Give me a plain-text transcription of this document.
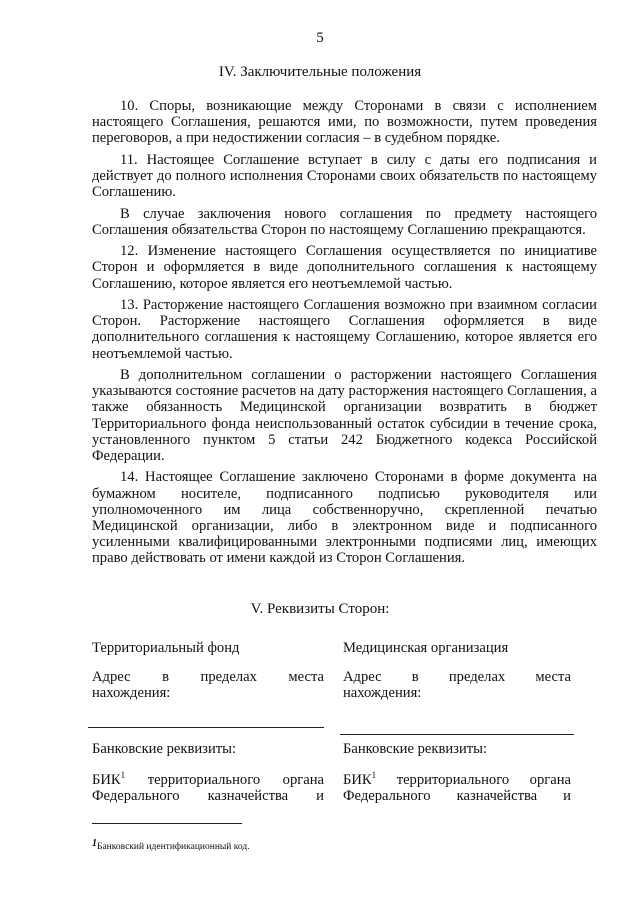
5
IV. Заключительные положения

10. Споры, возникающие между Сторонами в связи с исполнением настоящего Соглашения, решаются ими, по возможности, путем проведения переговоров, а при недостижении согласия – в судебном порядке.

11. Настоящее Соглашение вступает в силу с даты его подписания и действует до полного исполнения Сторонами своих обязательств по настоящему Соглашению.

В случае заключения нового соглашения по предмету настоящего Соглашения обязательства Сторон по настоящему Соглашению прекращаются.

12. Изменение настоящего Соглашения осуществляется по инициативе Сторон и оформляется в виде дополнительного соглашения к настоящему Соглашению, которое является его неотъемлемой частью.

13. Расторжение настоящего Соглашения возможно при взаимном согласии Сторон. Расторжение настоящего Соглашения оформляется в виде дополнительного соглашения к настоящему Соглашению, которое является его неотъемлемой частью.

В дополнительном соглашении о расторжении настоящего Соглашения указываются состояние расчетов на дату расторжения настоящего Соглашения, а также обязанность Медицинской организации возвратить в бюджет Территориального фонда неиспользованный остаток субсидии в течение срока, установленного пунктом 5 статьи 242 Бюджетного кодекса Российской Федерации.

14. Настоящее Соглашение заключено Сторонами в форме документа на бумажном носителе, подписанного подписью руководителя или уполномоченного им лица собственноручно, скрепленной печатью Медицинской организации, либо в электронном виде и подписанного усиленными квалифицированными электронными подписями лиц, имеющих право действовать от имени каждой из Сторон Соглашения.

V. Реквизиты Сторон:
Территориальный фонд
Адрес в пределах места
нахождения:
Банковские реквизиты:
БИК$^1$ территориального органа
Федерального казначейства и
Медицинская организация
Адрес в пределах места
нахождения:
Банковские реквизиты:
БИК$^1$ территориального органа
Федерального казначейства и
1Банковский идентификационный код.
